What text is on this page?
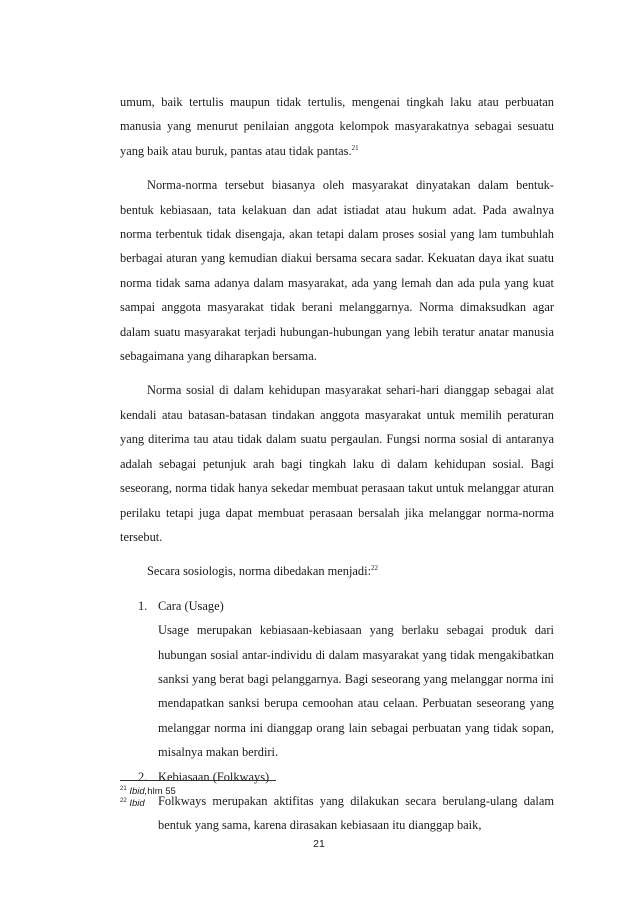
umum, baik tertulis maupun tidak tertulis, mengenai tingkah laku atau perbuatan manusia yang menurut penilaian anggota kelompok masyarakatnya sebagai sesuatu yang baik atau buruk, pantas atau tidak pantas.$^{21}$

Norma-norma tersebut biasanya oleh masyarakat dinyatakan dalam bentuk-bentuk kebiasaan, tata kelakuan dan adat istiadat atau hukum adat. Pada awalnya norma terbentuk tidak disengaja, akan tetapi dalam proses sosial yang lam tumbuhlah berbagai aturan yang kemudian diakui bersama secara sadar. Kekuatan daya ikat suatu norma tidak sama adanya dalam masyarakat, ada yang lemah dan ada pula yang kuat sampai anggota masyarakat tidak berani melanggarnya. Norma dimaksudkan agar dalam suatu masyarakat terjadi hubungan-hubungan yang lebih teratur anatar manusia sebagaimana yang diharapkan bersama.

Norma sosial di dalam kehidupan masyarakat sehari-hari dianggap sebagai alat kendali atau batasan-batasan tindakan anggota masyarakat untuk memilih peraturan yang diterima tau atau tidak dalam suatu pergaulan. Fungsi norma sosial di antaranya adalah sebagai petunjuk arah bagi tingkah laku di dalam kehidupan sosial. Bagi seseorang, norma tidak hanya sekedar membuat perasaan takut untuk melanggar aturan perilaku tetapi juga dapat membuat perasaan bersalah jika melanggar norma-norma tersebut.

Secara sosiologis, norma dibedakan menjadi:$^{22}$

1. Cara (Usage)

Usage merupakan kebiasaan-kebiasaan yang berlaku sebagai produk dari hubungan sosial antar-individu di dalam masyarakat yang tidak mengakibatkan sanksi yang berat bagi pelanggarnya. Bagi seseorang yang melanggar norma ini mendapatkan sanksi berupa cemoohan atau celaan. Perbuatan seseorang yang melanggar norma ini dianggap orang lain sebagai perbuatan yang tidak sopan, misalnya makan berdiri.

2. Kebiasaan (Folkways)

Folkways merupakan aktifitas yang dilakukan secara berulang-ulang dalam bentuk yang sama, karena dirasakan kebiasaan itu dianggap baik,

$^{21}$ Ibid,hlm 55

$^{22}$ Ibid

21
